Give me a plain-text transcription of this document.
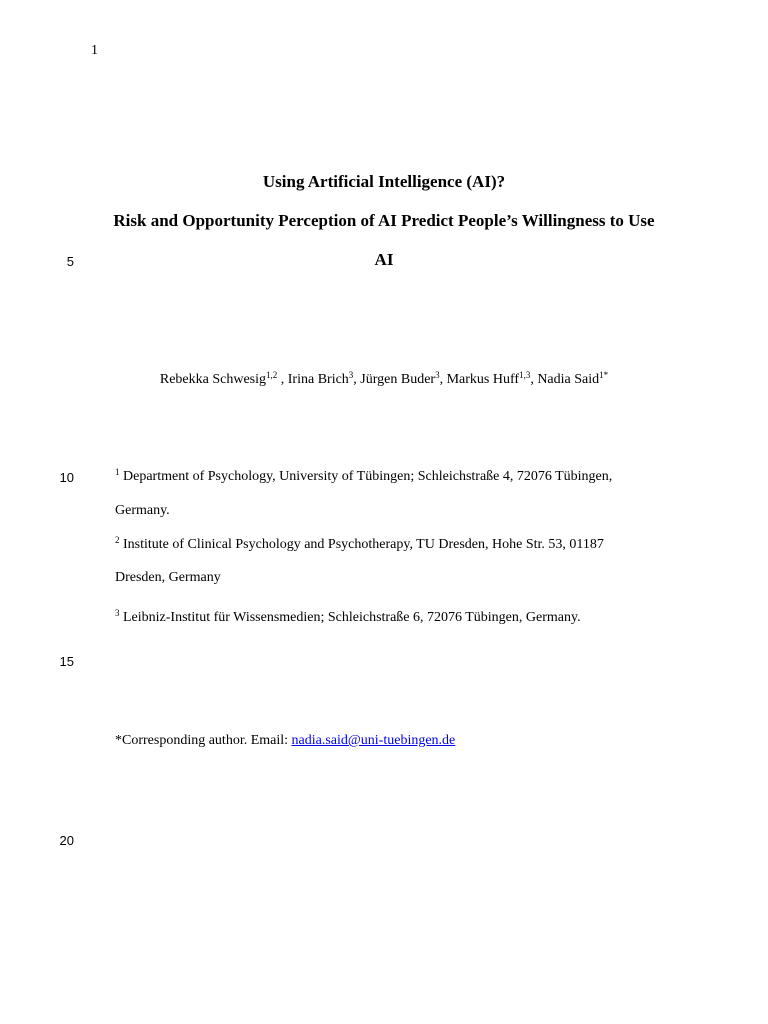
1
5
10
15
20
Using Artificial Intelligence (AI)?
Risk and Opportunity Perception of AI Predict People’s Willingness to Use
AI
Rebekka Schwesig$^{1,2}$ , Irina Brich$^3$, Jürgen Buder$^3$, Markus Huff$^{1,3}$, Nadia Said$^{1*}$
$^1$ Department of Psychology, University of Tübingen; Schleichstraße 4, 72076 Tübingen,
Germany.
$^2$ Institute of Clinical Psychology and Psychotherapy, TU Dresden, Hohe Str. 53, 01187
Dresden, Germany
$^3$ Leibniz-Institut für Wissensmedien; Schleichstraße 6, 72076 Tübingen, Germany.
*Corresponding author. Email: nadia.said@uni-tuebingen.de
